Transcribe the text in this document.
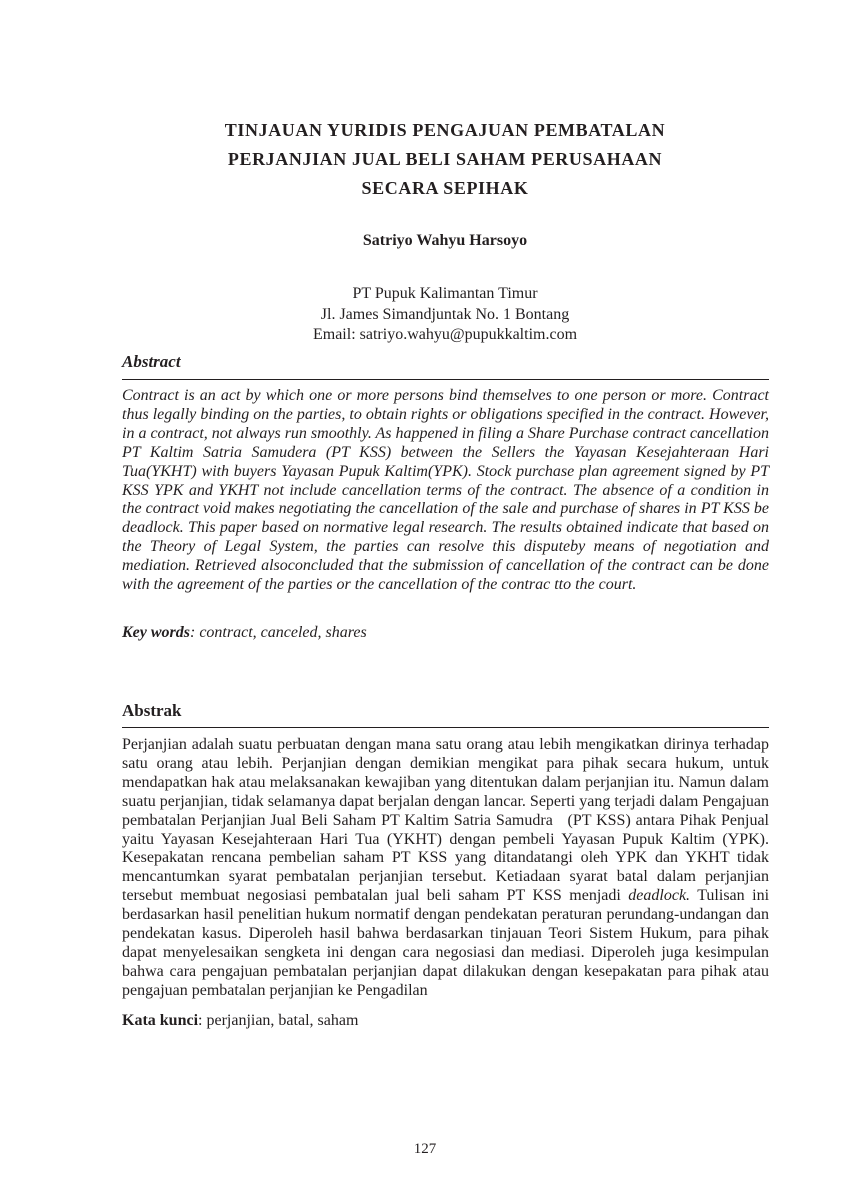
TINJAUAN YURIDIS PENGAJUAN PEMBATALAN
PERJANJIAN JUAL BELI SAHAM PERUSAHAAN
SECARA SEPIHAK
Satriyo Wahyu Harsoyo
PT Pupuk Kalimantan Timur
Jl. James Simandjuntak No. 1 Bontang
Email: satriyo.wahyu@pupukkaltim.com
Abstract
Contract is an act by which one or more persons bind themselves to one person or more. Contract thus legally binding on the parties, to obtain rights or obligations specified in the contract. However, in a contract, not always run smoothly. As happened in filing a Share Purchase contract cancellation PT Kaltim Satria Samudera (PT KSS) between the Sellers the Yayasan Kesejahteraan Hari Tua(YKHT) with buyers Yayasan Pupuk Kaltim(YPK). Stock purchase plan agreement signed by PT KSS YPK and YKHT not include cancellation terms of the contract. The absence of a condition in the contract void makes negotiating the cancellation of the sale and purchase of shares in PT KSS be deadlock. This paper based on normative legal research. The results obtained indicate that based on the Theory of Legal System, the parties can resolve this disputeby means of negotiation and mediation. Retrieved alsoconcluded that the submission of cancellation of the contract can be done with the agreement of the parties or the cancellation of the contrac tto the court.
Key words: contract, canceled, shares
Abstrak
Perjanjian adalah suatu perbuatan dengan mana satu orang atau lebih mengikatkan dirinya terhadap satu orang atau lebih. Perjanjian dengan demikian mengikat para pihak secara hukum, untuk mendapatkan hak atau melaksanakan kewajiban yang ditentukan dalam perjanjian itu. Namun dalam suatu perjanjian, tidak selamanya dapat berjalan dengan lancar. Seperti yang terjadi dalam Pengajuan pembatalan Perjanjian Jual Beli Saham PT Kaltim Satria Samudra   (PT KSS) antara Pihak Penjual yaitu Yayasan Kesejahteraan Hari Tua (YKHT) dengan pembeli Yayasan Pupuk Kaltim (YPK). Kesepakatan rencana pembelian saham PT KSS yang ditandatangi oleh YPK dan YKHT tidak mencantumkan syarat pembatalan perjanjian tersebut. Ketiadaan syarat batal dalam perjanjian tersebut membuat negosiasi pembatalan jual beli saham PT KSS menjadi deadlock. Tulisan ini berdasarkan hasil penelitian hukum normatif dengan pendekatan peraturan perundang-undangan dan pendekatan kasus. Diperoleh hasil bahwa berdasarkan tinjauan Teori Sistem Hukum, para pihak dapat menyelesaikan sengketa ini dengan cara negosiasi dan mediasi. Diperoleh juga kesimpulan bahwa cara pengajuan pembatalan perjanjian dapat dilakukan dengan kesepakatan para pihak atau pengajuan pembatalan perjanjian ke Pengadilan
Kata kunci: perjanjian, batal, saham
127
